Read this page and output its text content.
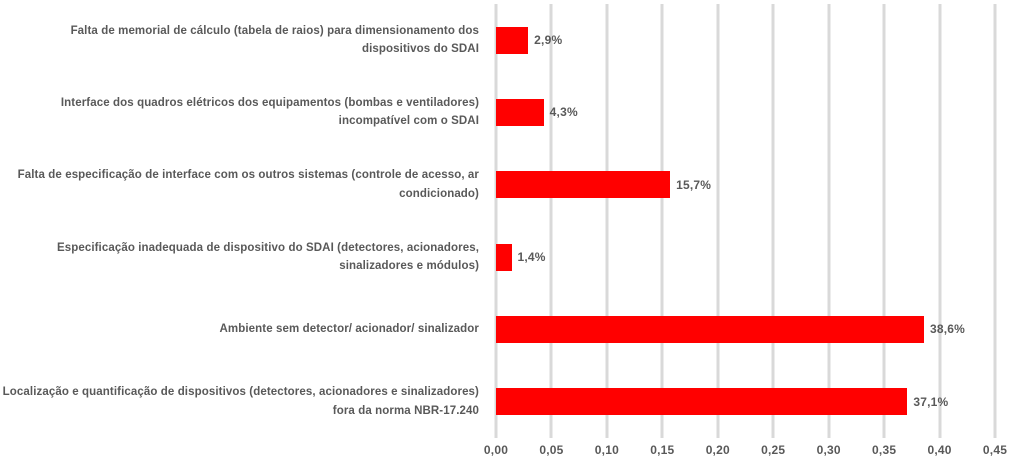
2,9%
4,3%
15,7%
1,4%
38,6%
37,1%
Falta de memorial de cálculo (tabela de raios) para dimensionamento dos dispositivos do SDAI
Interface dos quadros elétricos dos equipamentos (bombas e ventiladores) incompatível com o SDAI
Falta de especificação de interface com os outros sistemas (controle de acesso, ar condicionado)
Especificação inadequada de dispositivo do SDAI (detectores, acionadores, sinalizadores e módulos)
Ambiente sem detector/ acionador/ sinalizador
Localização e quantificação de dispositivos (detectores, acionadores e sinalizadores) fora da norma NBR-17.240
0,00	0,05	0,10	0,15	0,20	0,25	0,30	0,35	0,40	0,45
